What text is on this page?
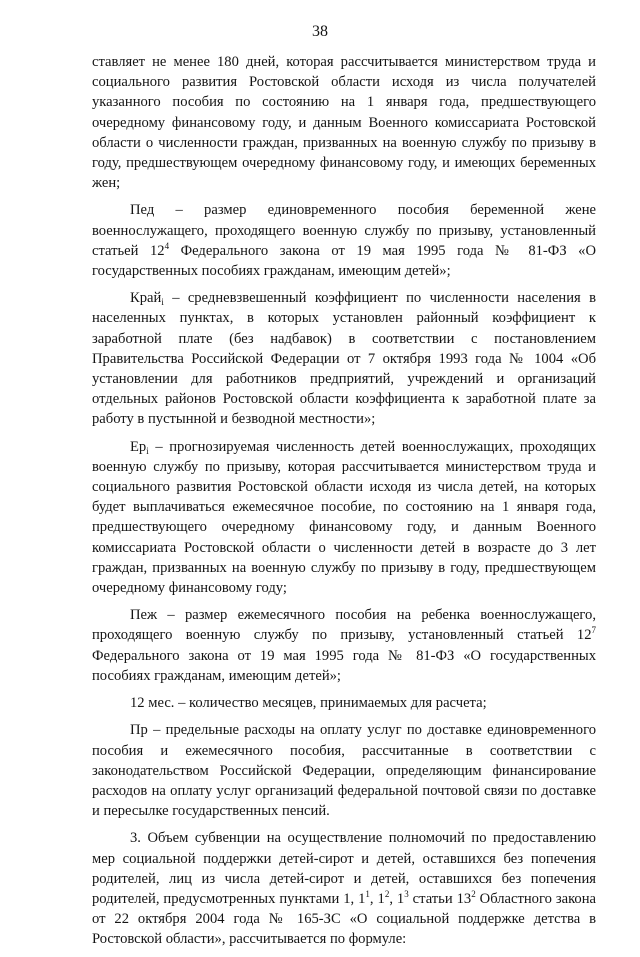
38

ставляет не менее 180 дней, которая рассчитывается министерством труда и социального развития Ростовской области исходя из числа получателей указанного пособия по состоянию на 1 января года, предшествующего очередному финансовому году, и данным Военного комиссариата Ростовской области о численности граждан, призванных на военную службу по призыву в году, предшествующем очередному финансовому году, и имеющих беременных жен;

Пед – размер единовременного пособия беременной жене военнослужащего, проходящего военную службу по призыву, установленный статьей $12^4$ Федерального закона от 19 мая 1995 года № 81-ФЗ «О государственных пособиях гражданам, имеющим детей»;

Край$_i$ – средневзвешенный коэффициент по численности населения в населенных пунктах, в которых установлен районный коэффициент к заработной плате (без надбавок) в соответствии с постановлением Правительства Российской Федерации от 7 октября 1993 года № 1004 «Об установлении для работников предприятий, учреждений и организаций отдельных районов Ростовской области коэффициента к заработной плате за работу в пустынной и безводной местности»;

$Ер_i$ – прогнозируемая численность детей военнослужащих, проходящих военную службу по призыву, которая рассчитывается министерством труда и социального развития Ростовской области исходя из числа детей, на которых будет выплачиваться ежемесячное пособие, по состоянию на 1 января года, предшествующего очередному финансовому году, и данным Военного комиссариата Ростовской области о численности детей в возрасте до 3 лет граждан, призванных на военную службу по призыву в году, предшествующем очередному финансовому году;

Пеж – размер ежемесячного пособия на ребенка военнослужащего, проходящего военную службу по призыву, установленный статьей $12^7$ Федерального закона от 19 мая 1995 года № 81-ФЗ «О государственных пособиях гражданам, имеющим детей»;

12 мес. – количество месяцев, принимаемых для расчета;

Пр – предельные расходы на оплату услуг по доставке единовременного пособия и ежемесячного пособия, рассчитанные в соответствии с законодательством Российской Федерации, определяющим финансирование расходов на оплату услуг организаций федеральной почтовой связи по доставке и пересылке государственных пенсий.

3. Объем субвенции на осуществление полномочий по предоставлению мер социальной поддержки детей-сирот и детей, оставшихся без попечения родителей, лиц из числа детей-сирот и детей, оставшихся без попечения родителей, предусмотренных пунктами 1, $1^1$, $1^2$, $1^3$ статьи $13^2$ Областного закона от 22 октября 2004 года № 165-ЗС «О социальной поддержке детства в Ростовской области», рассчитывается по формуле:
